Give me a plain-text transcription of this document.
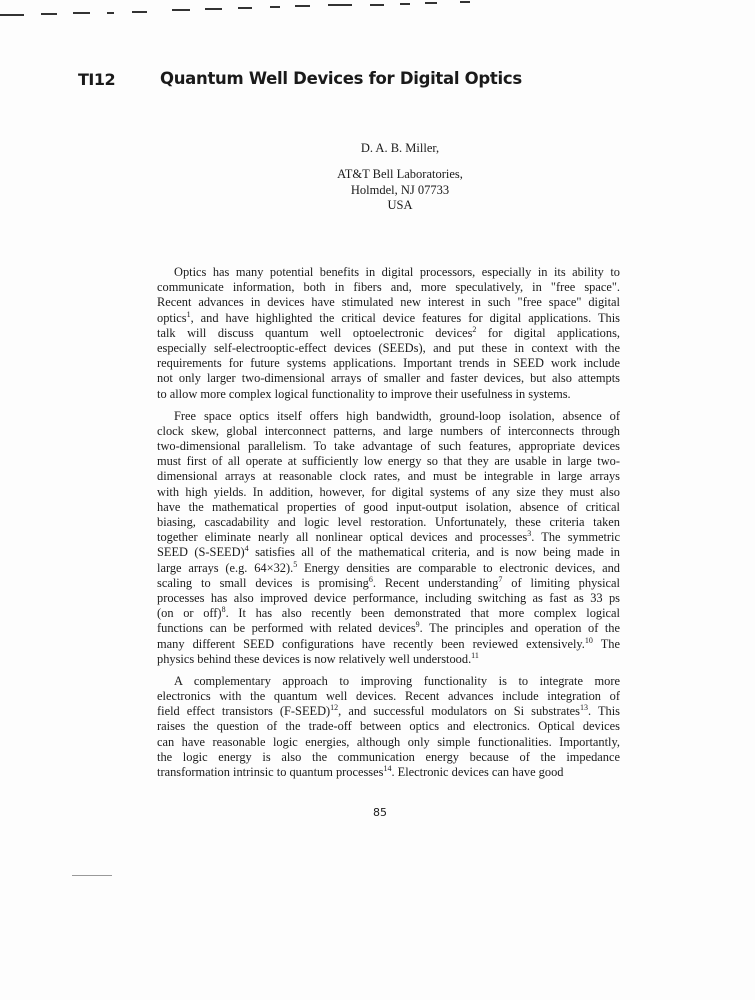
TI12	Quantum Well Devices for Digital Optics
D. A. B. Miller,
AT&T Bell Laboratories,
Holmdel, NJ 07733
USA
Optics has many potential benefits in digital processors, especially in its ability to
communicate information, both in fibers and, more speculatively, in "free space".
Recent advances in devices have stimulated new interest in such "free space" digital
optics$^1$, and have highlighted the critical device features for digital applications. This
talk will discuss quantum well optoelectronic devices$^2$ for digital applications,
especially self-electrooptic-effect devices (SEEDs), and put these in context with the
requirements for future systems applications. Important trends in SEED work include
not only larger two-dimensional arrays of smaller and faster devices, but also attempts
to allow more complex logical functionality to improve their usefulness in systems.
Free space optics itself offers high bandwidth, ground-loop isolation, absence of
clock skew, global interconnect patterns, and large numbers of interconnects through
two-dimensional parallelism. To take advantage of such features, appropriate devices
must first of all operate at sufficiently low energy so that they are usable in large two-
dimensional arrays at reasonable clock rates, and must be integrable in large arrays
with high yields. In addition, however, for digital systems of any size they must also
have the mathematical properties of good input-output isolation, absence of critical
biasing, cascadability and logic level restoration. Unfortunately, these criteria taken
together eliminate nearly all nonlinear optical devices and processes$^3$. The symmetric
SEED (S-SEED)$^4$ satisfies all of the mathematical criteria, and is now being made in
large arrays (e.g. 64×32).$^5$ Energy densities are comparable to electronic devices, and
scaling to small devices is promising$^6$. Recent understanding$^7$ of limiting physical
processes has also improved device performance, including switching as fast as 33 ps
(on or off)$^8$. It has also recently been demonstrated that more complex logical
functions can be performed with related devices$^9$. The principles and operation of the
many different SEED configurations have recently been reviewed extensively.$^{10}$ The
physics behind these devices is now relatively well understood.$^{11}$
A complementary approach to improving functionality is to integrate more
electronics with the quantum well devices. Recent advances include integration of
field effect transistors (F-SEED)$^{12}$, and successful modulators on Si substrates$^{13}$. This
raises the question of the trade-off between optics and electronics. Optical devices
can have reasonable logic energies, although only simple functionalities. Importantly,
the logic energy is also the communication energy because of the impedance
transformation intrinsic to quantum processes$^{14}$. Electronic devices can have good
85
